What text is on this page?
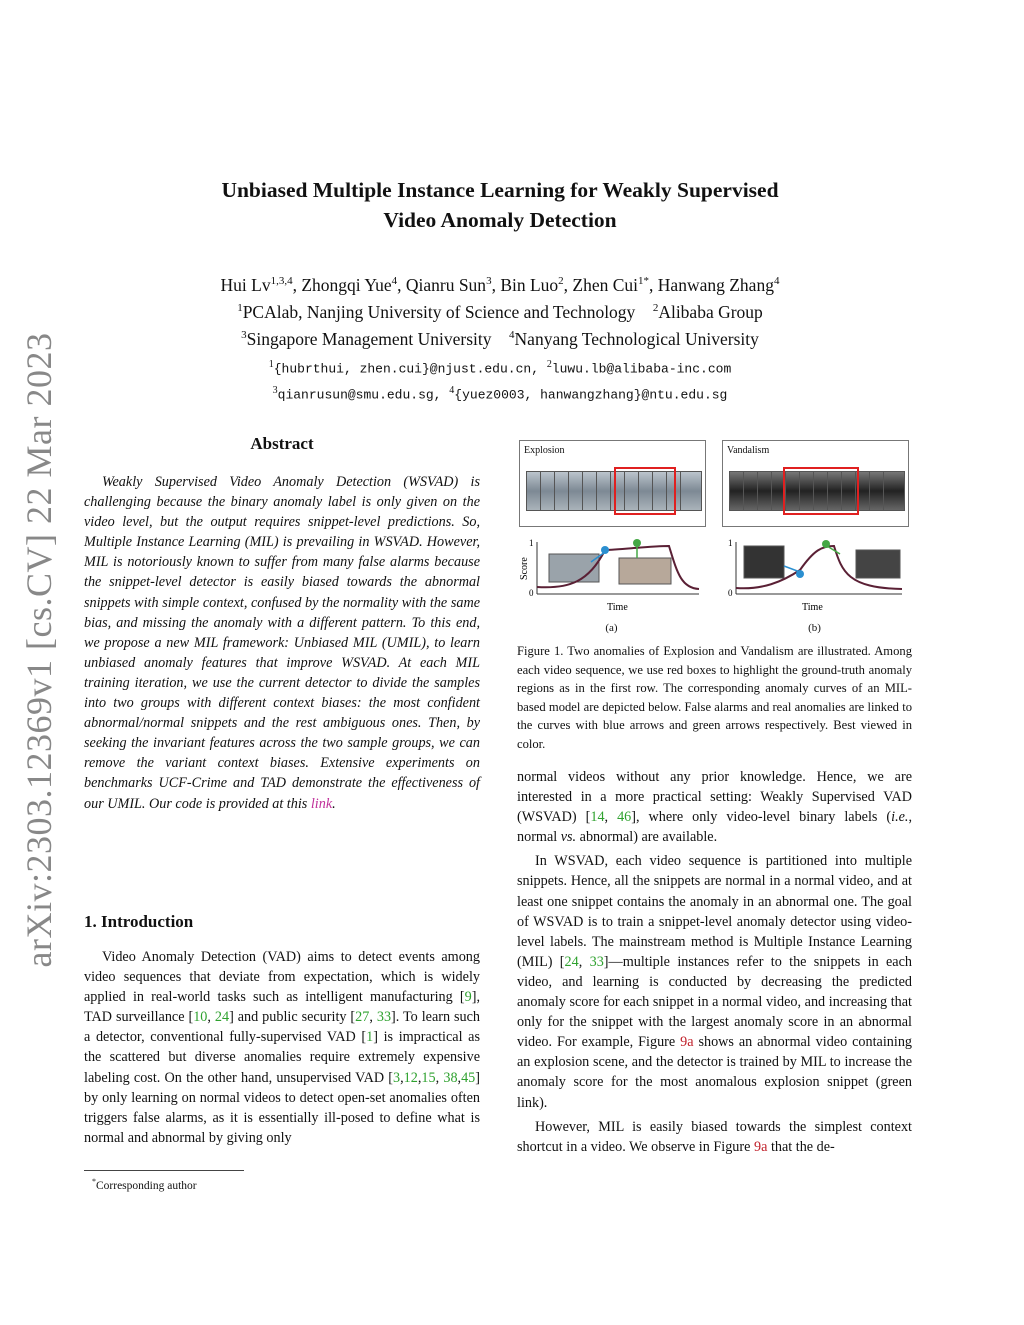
arXiv:2303.12369v1 [cs.CV] 22 Mar 2023
Unbiased Multiple Instance Learning for Weakly Supervised
Video Anomaly Detection
Hui Lv$^{1,3,4}$, Zhongqi Yue$^4$, Qianru Sun$^3$, Bin Luo$^2$, Zhen Cui$^{1*}$, Hanwang Zhang$^4$
$^1$PCAlab, Nanjing University of Science and Technology $^2$Alibaba Group
$^3$Singapore Management University $^4$Nanyang Technological University
$^1${hubrthui, zhen.cui}@njust.edu.cn, $^2$luwu.lb@alibaba-inc.com
$^3$qianrusun@smu.edu.sg, $^4${yuez0003, hanwangzhang}@ntu.edu.sg
Abstract
Weakly Supervised Video Anomaly Detection (WSVAD) is challenging because the binary anomaly label is only given on the video level, but the output requires snippet-level predictions. So, Multiple Instance Learning (MIL) is prevailing in WSVAD. However, MIL is notoriously known to suffer from many false alarms because the snippet-level detector is easily biased towards the abnormal snippets with simple context, confused by the normality with the same bias, and missing the anomaly with a different pattern. To this end, we propose a new MIL framework: Unbiased MIL (UMIL), to learn unbiased anomaly features that improve WSVAD. At each MIL training iteration, we use the current detector to divide the samples into two groups with different context biases: the most confident abnormal/normal snippets and the rest ambiguous ones. Then, by seeking the invariant features across the two sample groups, we can remove the variant context biases. Extensive experiments on benchmarks UCF-Crime and TAD demonstrate the effectiveness of our UMIL. Our code is provided at this link.
1. Introduction
Video Anomaly Detection (VAD) aims to detect events among video sequences that deviate from expectation, which is widely applied in real-world tasks such as intelligent manufacturing [9], TAD surveillance [10, 24] and public security [27, 33]. To learn such a detector, conventional fully-supervised VAD [1] is impractical as the scattered but diverse anomalies require extremely expensive labeling cost. On the other hand, unsupervised VAD [3,12,15, 38,45] by only learning on normal videos to detect open-set anomalies often triggers false alarms, as it is essentially ill-posed to define what is normal and abnormal by giving only
*Corresponding author
Explosion
1
0
Score
Time
(a)
Vandalism
1
0
Time
(b)
Figure 1. Two anomalies of Explosion and Vandalism are illustrated. Among each video sequence, we use red boxes to highlight the ground-truth anomaly regions as in the first row. The corresponding anomaly curves of an MIL-based model are depicted below. False alarms and real anomalies are linked to the curves with blue arrows and green arrows respectively. Best viewed in color.

normal videos without any prior knowledge. Hence, we are interested in a more practical setting: Weakly Supervised VAD (WSVAD) [14, 46], where only video-level binary labels (i.e., normal vs. abnormal) are available.

In WSVAD, each video sequence is partitioned into multiple snippets. Hence, all the snippets are normal in a normal video, and at least one snippet contains the anomaly in an abnormal one. The goal of WSVAD is to train a snippet-level anomaly detector using video-level labels. The mainstream method is Multiple Instance Learning (MIL) [24, 33]—multiple instances refer to the snippets in each video, and learning is conducted by decreasing the predicted anomaly score for each snippet in a normal video, and increasing that only for the snippet with the largest anomaly score in an abnormal video. For example, Figure 9a shows an abnormal video containing an explosion scene, and the detector is trained by MIL to increase the anomaly score for the most anomalous explosion snippet (green link).

However, MIL is easily biased towards the simplest context shortcut in a video. We observe in Figure 9a that the de-
